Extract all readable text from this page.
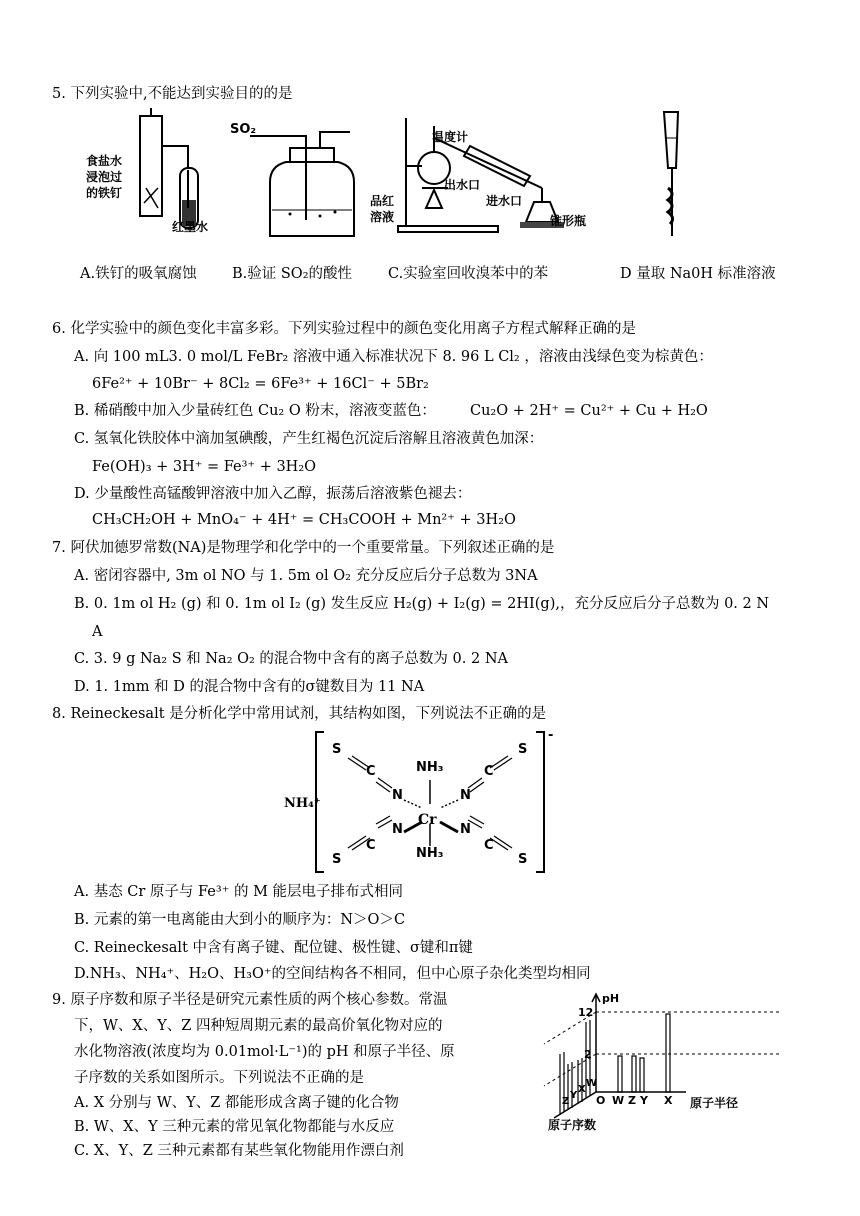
5. 下列实验中,不能达到实验目的的是
食盐水
浸泡过
的铁钉
红墨水
SO₂
品红
溶液
温度计
出水口
进水口
锥形瓶
A.铁钉的吸氧腐蚀 B.验证 SO₂的酸性 C.实验室回收溴苯中的苯	D 量取 Na0H 标准溶液
6. 化学实验中的颜色变化丰富多彩。下列实验过程中的颜色变化用离子方程式解释正确的是
A. 向 100 mL3. 0 mol/L FeBr₂ 溶液中通入标准状况下 8. 96 L Cl₂ ，溶液由浅绿色变为棕黄色：
6Fe²⁺ + 10Br⁻ + 8Cl₂ = 6Fe³⁺ + 16Cl⁻ + 5Br₂
B. 稀硝酸中加入少量砖红色 Cu₂ O 粉末，溶液变蓝色： Cu₂O + 2H⁺ = Cu²⁺ + Cu + H₂O
C. 氢氧化铁胶体中滴加氢碘酸，产生红褐色沉淀后溶解且溶液黄色加深：
Fe(OH)₃ + 3H⁺ = Fe³⁺ + 3H₂O
D. 少量酸性高锰酸钾溶液中加入乙醇，振荡后溶液紫色褪去：
CH₃CH₂OH + MnO₄⁻ + 4H⁺ = CH₃COOH + Mn²⁺ + 3H₂O
7. 阿伏加德罗常数(NA)是物理学和化学中的一个重要常量。下列叙述正确的是
A. 密闭容器中, 3m ol NO 与 1. 5m ol O₂ 充分反应后分子总数为 3NA
B. 0. 1m ol H₂ (g) 和 0. 1m ol I₂ (g) 发生反应 H₂(g) + I₂(g) = 2HI(g),，充分反应后分子总数为 0. 2 N
A
C. 3. 9 g Na₂ S 和 Na₂ O₂ 的混合物中含有的离子总数为 0. 2 NA
D. 1. 1mm 和 D 的混合物中含有的σ键数目为 11 NA
8. Reineckesalt 是分析化学中常用试剂，其结构如图，下列说法不正确的是
Cr
NH₃
NH₃
S
C
N
S
C
N
N
C
S
N
C
S
-
NH₄⁺
A. 基态 Cr 原子与 Fe³⁺ 的 M 能层电子排布式相同
B. 元素的第一电离能由大到小的顺序为：N＞O＞C
C. Reineckesalt 中含有离子键、配位键、极性键、σ键和π键
D.NH₃、NH₄⁺、H₂O、H₃O⁺的空间结构各不相同，但中心原子杂化类型均相同
9. 原子序数和原子半径是研究元素性质的两个核心参数。常温
下，W、X、Y、Z 四种短周期元素的最高价氧化物对应的
水化物溶液(浓度均为 0.01mol·L⁻¹)的 pH 和原子半径、原
子序数的关系如图所示。下列说法不正确的是
A. X 分别与 W、Y、Z 都能形成含离子键的化合物
B. W、X、Y 三种元素的常见氧化物都能与水反应
C. X、Y、Z 三种元素都有某些氧化物能用作漂白剂
pH
12
2
O W Z Y X 原子半径
Z
Y
X
W
原子序数
